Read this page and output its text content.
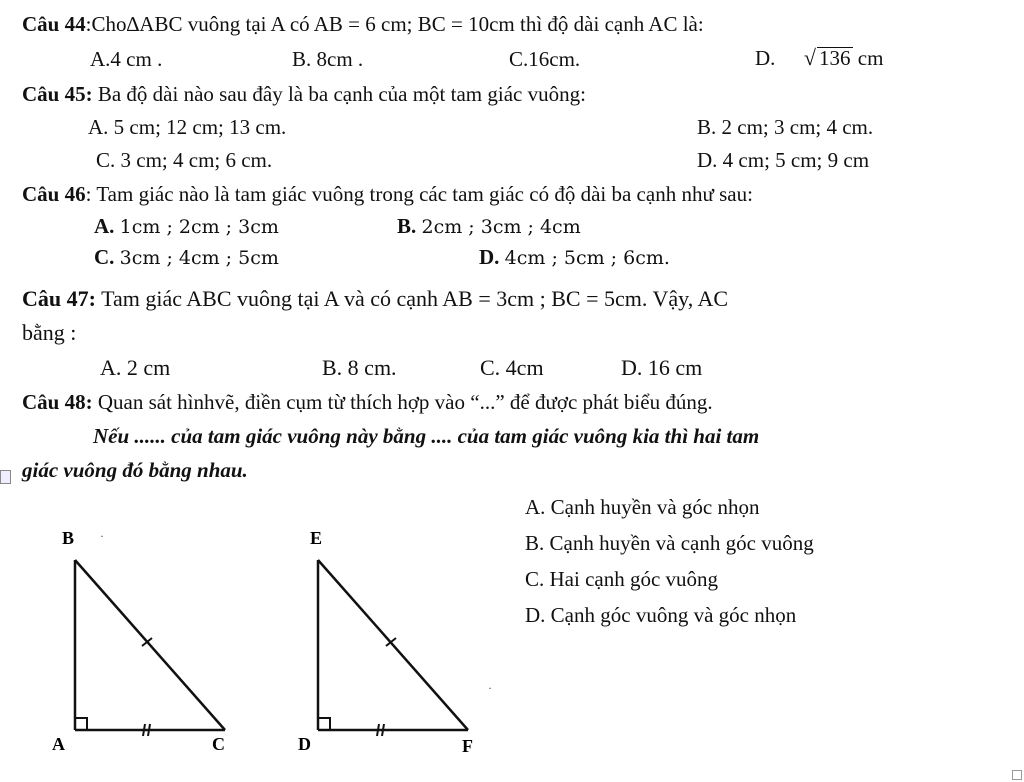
Câu 44:Cho∆ABC vuông tại A có AB = 6 cm; BC = 10cm thì độ dài cạnh AC là:
A.4 cm .	B. 8cm .	C.16cm.	D. √ 136 cm
Câu 45: Ba độ dài nào sau đây là ba cạnh của một tam giác vuông:
A. 5 cm; 12 cm; 13 cm.	B. 2 cm; 3 cm; 4 cm.
C. 3 cm; 4 cm; 6 cm.	D. 4 cm; 5 cm; 9 cm
Câu 46: Tam giác nào là tam giác vuông trong các tam giác có độ dài ba cạnh như sau:
A. 1cm ; 2cm ; 3cm	B. 2cm ; 3cm ; 4cm
C. 3cm ; 4cm ; 5cm	D. 4cm ; 5cm ; 6cm.
Câu 47: Tam giác ABC vuông tại A và có cạnh AB = 3cm ; BC = 5cm. Vậy, AC
bằng :
A. 2 cm	B. 8 cm.	C. 4cm	D. 16 cm
Câu 48: Quan sát hìnhvẽ, điền cụm từ thích hợp vào “...” để được phát biểu đúng.
Nếu ...... của tam giác vuông này bằng .... của tam giác vuông kia thì hai tam
giác vuông đó bằng nhau.
A. Cạnh huyền và góc nhọn
B. Cạnh huyền và cạnh góc vuông
C. Hai cạnh góc vuông
D. Cạnh góc vuông và góc nhọn
B ·
A	C
E
·
D	F
